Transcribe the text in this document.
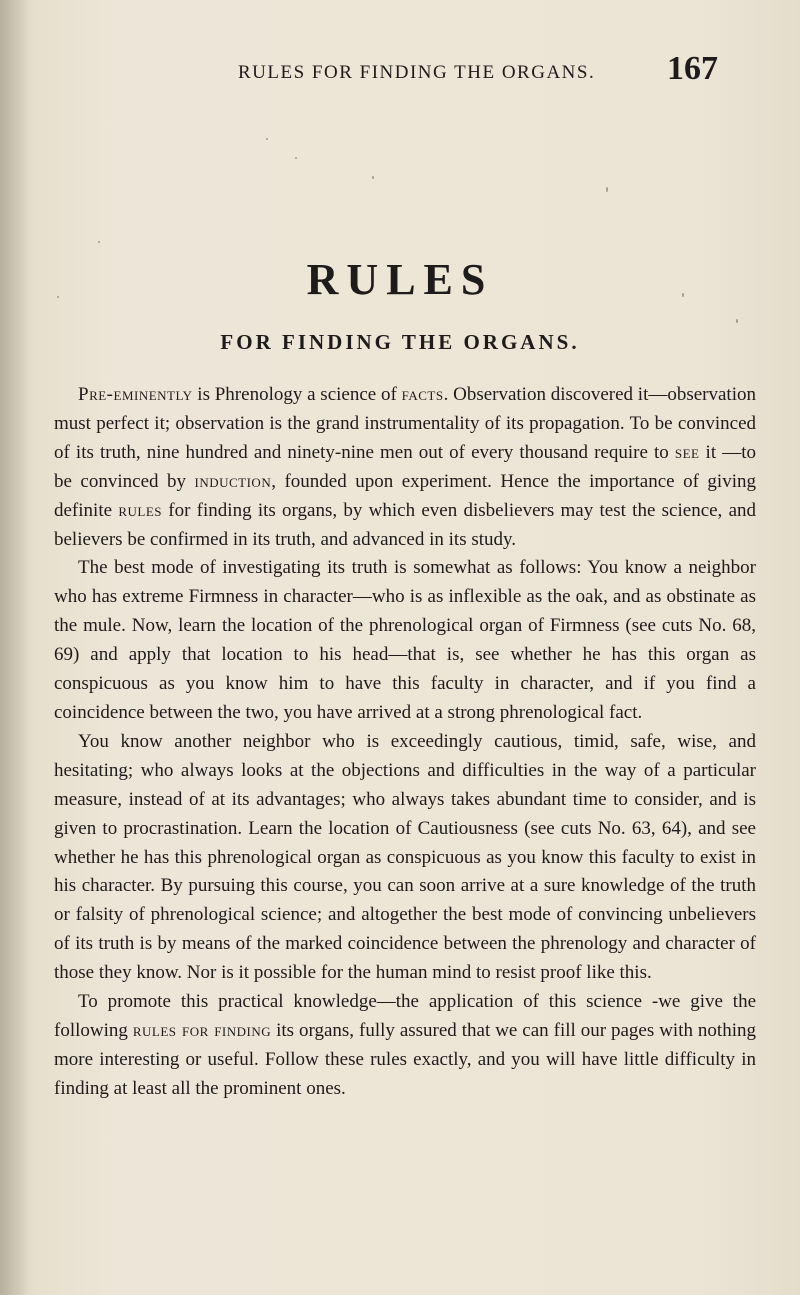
RULES FOR FINDING THE ORGANS.	167
RULES
FOR FINDING THE ORGANS.

Pre-eminently is Phrenology a science of facts. Observation discovered it—observation must perfect it; observation is the grand instrumentality of its propagation. To be convinced of its truth, nine hundred and ninety-nine men out of every thousand require to see it —to be convinced by induction, founded upon experiment. Hence the importance of giving definite rules for finding its organs, by which even disbelievers may test the science, and believers be confirmed in its truth, and advanced in its study.

The best mode of investigating its truth is somewhat as follows: You know a neighbor who has extreme Firmness in character—who is as inflexible as the oak, and as obstinate as the mule. Now, learn the location of the phrenological organ of Firmness (see cuts No. 68, 69) and apply that location to his head—that is, see whether he has this organ as conspicuous as you know him to have this faculty in character, and if you find a coincidence between the two, you have arrived at a strong phrenological fact.

You know another neighbor who is exceedingly cautious, timid, safe, wise, and hesitating; who always looks at the objections and difficulties in the way of a particular measure, instead of at its advantages; who always takes abundant time to consider, and is given to procrastination. Learn the location of Cautiousness (see cuts No. 63, 64), and see whether he has this phrenological organ as conspicuous as you know this faculty to exist in his character. By pursuing this course, you can soon arrive at a sure knowledge of the truth or falsity of phrenological science; and altogether the best mode of convincing unbelievers of its truth is by means of the marked coincidence between the phrenology and character of those they know. Nor is it possible for the human mind to resist proof like this.

To promote this practical knowledge—the application of this science -we give the following rules for finding its organs, fully assured that we can fill our pages with nothing more interesting or useful. Follow these rules exactly, and you will have little difficulty in finding at least all the prominent ones.
